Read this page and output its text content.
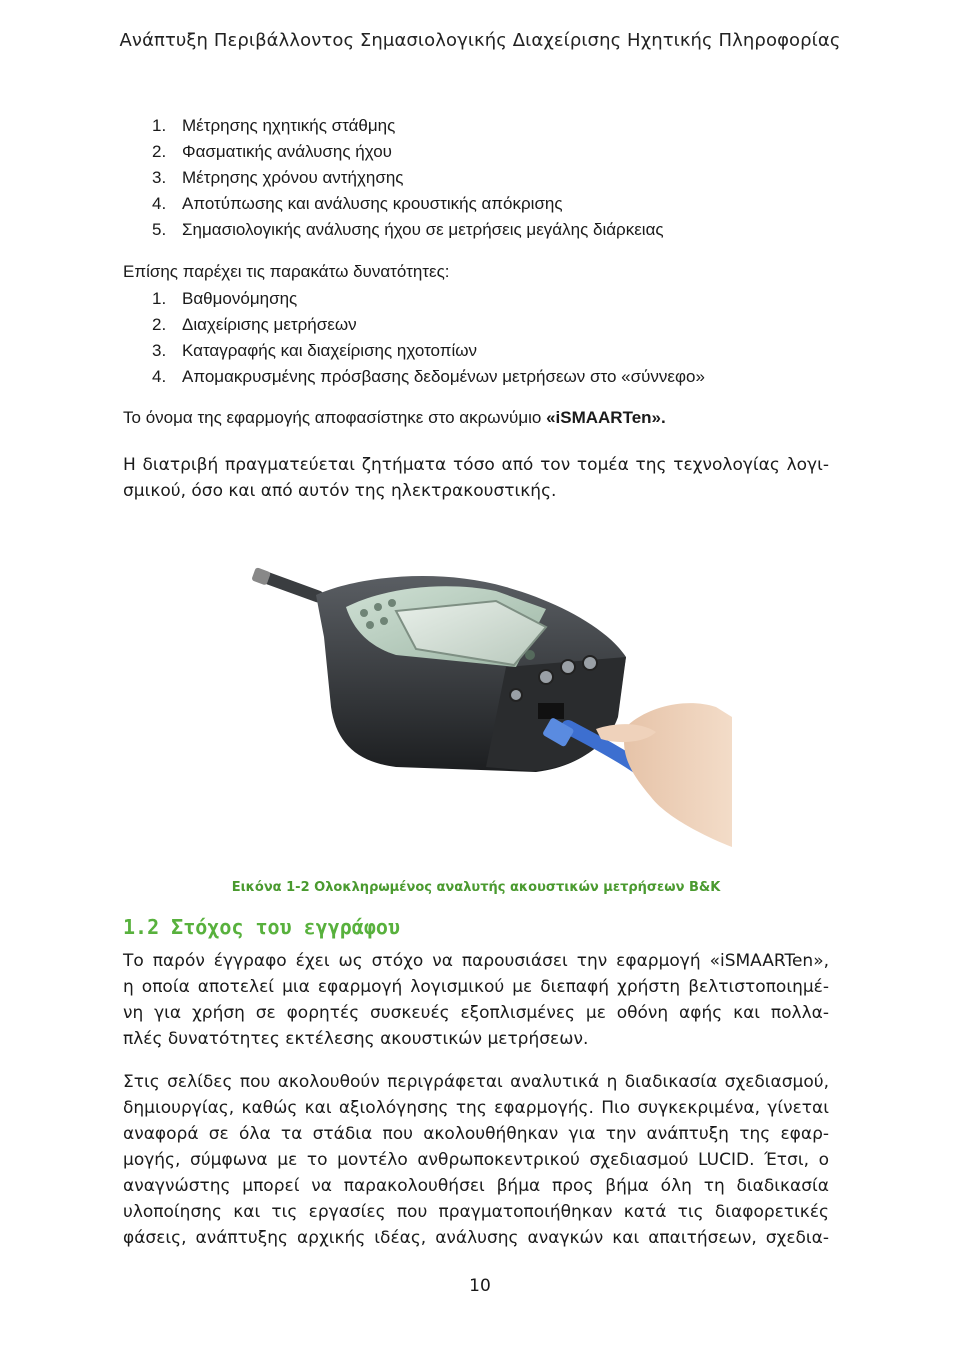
Ανάπτυξη Περιβάλλοντος Σημασιολογικής Διαχείρισης Ηχητικής Πληροφορίας
1. Μέτρησης ηχητικής στάθμης
2. Φασματικής ανάλυσης ήχου
3. Μέτρησης χρόνου αντήχησης
4. Αποτύπωσης και ανάλυσης κρουστικής απόκρισης
5. Σημασιολογικής ανάλυσης ήχου σε μετρήσεις μεγάλης διάρκειας
Επίσης παρέχει τις παρακάτω δυνατότητες:
1. Βαθμονόμησης
2. Διαχείρισης μετρήσεων
3. Καταγραφής και διαχείρισης ηχοτοπίων
4. Απομακρυσμένης πρόσβασης δεδομένων μετρήσεων στο «σύννεφο»
Το όνομα της εφαρμογής αποφασίστηκε στο ακρωνύμιο «iSMAARTen».
Η διατριβή πραγματεύεται ζητήματα τόσο από τον τομέα της τεχνολογίας λογι-
σμικού, όσο και από αυτόν της ηλεκτρακουστικής.
Εικόνα 1-2 Ολοκληρωμένος αναλυτής ακουστικών μετρήσεων B&K
1.2 Στόχος του εγγράφου
Το παρόν έγγραφο έχει ως στόχο να παρουσιάσει την εφαρμογή «iSMAARTen»,
η οποία αποτελεί μια εφαρμογή λογισμικού με διεπαφή χρήστη βελτιστοποιημέ-
νη για χρήση σε φορητές συσκευές εξοπλισμένες με οθόνη αφής και πολλα-
πλές δυνατότητες εκτέλεσης ακουστικών μετρήσεων.
Στις σελίδες που ακολουθούν περιγράφεται αναλυτικά η διαδικασία σχεδιασμού,
δημιουργίας, καθώς και αξιολόγησης της εφαρμογής. Πιο συγκεκριμένα, γίνεται
αναφορά σε όλα τα στάδια που ακολουθήθηκαν για την ανάπτυξη της εφαρ-
μογής, σύμφωνα με το μοντέλο ανθρωποκεντρικού σχεδιασμού LUCID. Έτσι, ο
αναγνώστης μπορεί να παρακολουθήσει βήμα προς βήμα όλη τη διαδικασία
υλοποίησης και τις εργασίες που πραγματοποιήθηκαν κατά τις διαφορετικές
φάσεις, ανάπτυξης αρχικής ιδέας, ανάλυσης αναγκών και απαιτήσεων, σχεδια-
10
